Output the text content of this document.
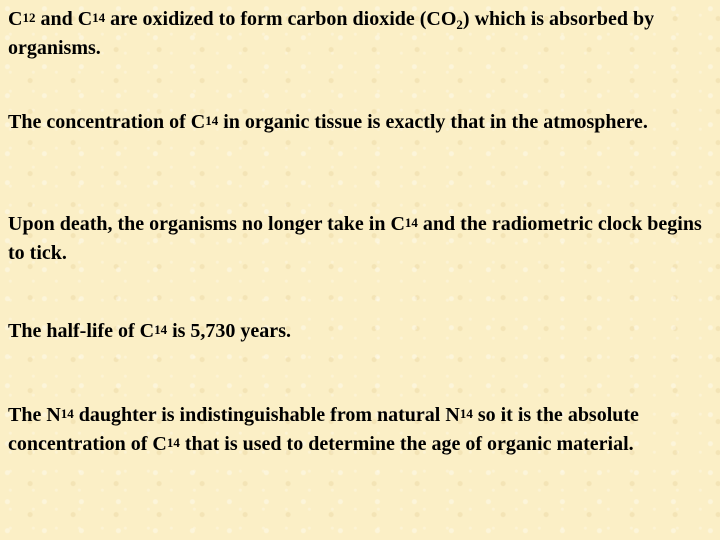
$C^{12}$ and $C^{14}$ are oxidized to form carbon dioxide $(CO_2)$ which is absorbed by organisms.

The concentration of $C^{14}$ in organic tissue is exactly that in the atmosphere.

Upon death, the organisms no longer take in $C^{14}$ and the radiometric clock begins to tick.

The half-life of $C^{14}$ is 5,730 years.

The $N^{14}$ daughter is indistinguishable from natural $N^{14}$ so it is the absolute concentration of $C^{14}$ that is used to determine the age of organic material.
